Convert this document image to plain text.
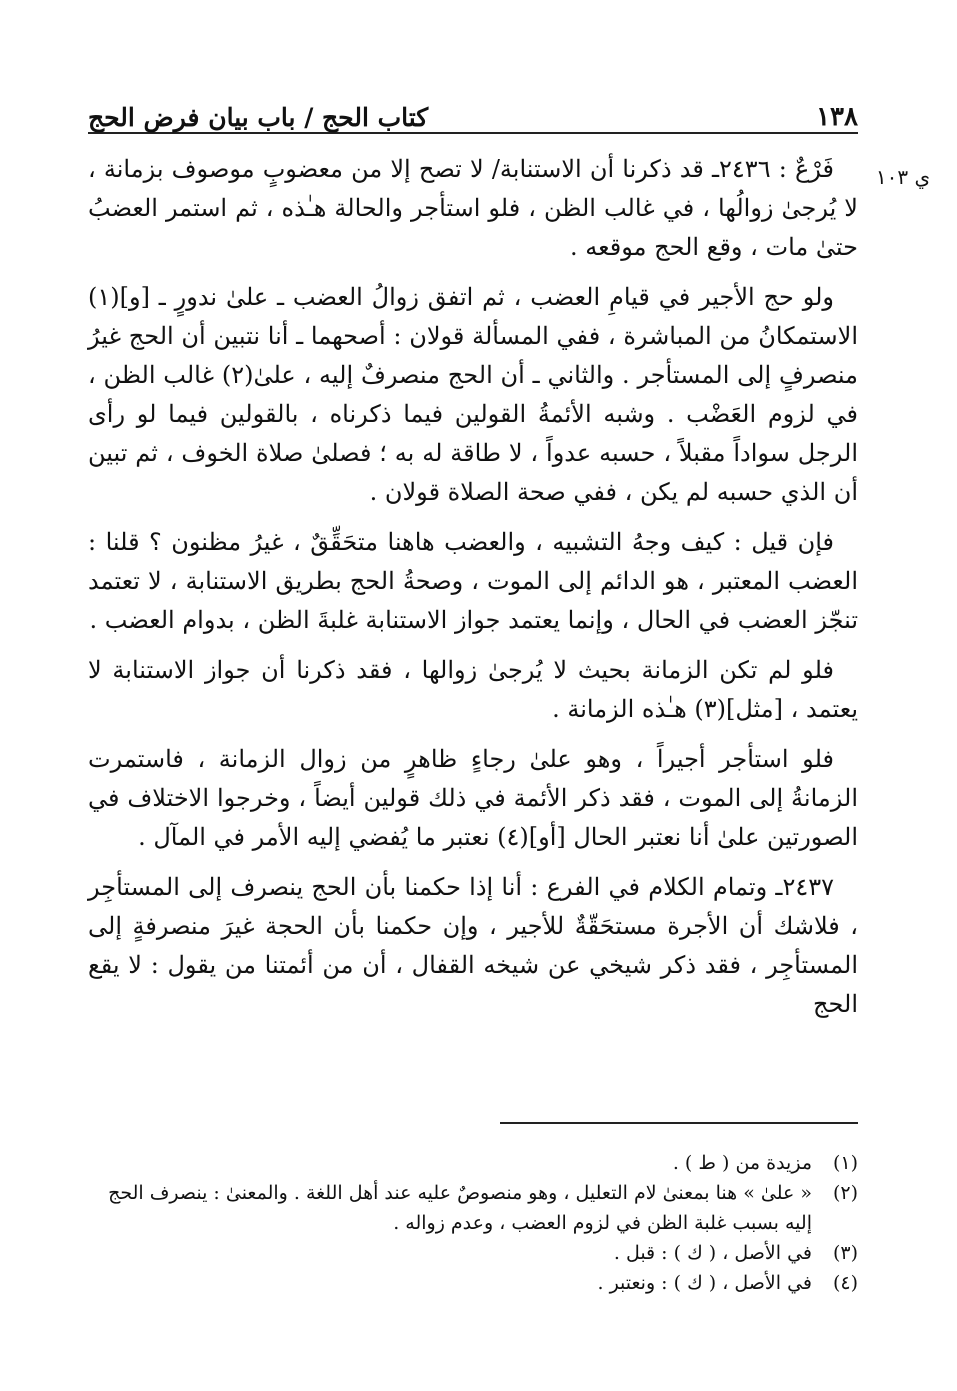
١٣٨
كتاب الحج / باب بيان فرض الحج
ي ١٠٣

فَرْعٌ : ٢٤٣٦ـ قد ذكرنا أن الاستنابة/ لا تصح إلا من معضوبٍ موصوف بزمانة ، لا يُرجىٰ زوالُها ، في غالب الظن ، فلو استأجر والحالة هـٰذه ، ثم استمر العضبُ حتىٰ مات ، وقع الحج موقعه .

ولو حج الأجير في قيامِ العضب ، ثم اتفق زوالُ العضب ـ علىٰ ندورٍ ـ [و](١) الاستمكانُ من المباشرة ، ففي المسألة قولان : أصحهما ـ أنا نتبين أن الحج غيرُ منصرفٍ إلى المستأجر . والثاني ـ أن الحج منصرفٌ إليه ، علىٰ(٢) غالب الظن ، في لزوم العَضْب . وشبه الأئمةُ القولين فيما ذكرناه ، بالقولين فيما لو رأى الرجل سواداً مقبلاً ، حسبه عدواً ، لا طاقة له به ؛ فصلىٰ صلاة الخوف ، ثم تبين أن الذي حسبه لم يكن ، ففي صحة الصلاة قولان .

فإن قيل : كيف وجهُ التشبيه ، والعضب هاهنا متحَقِّقٌ ، غيرُ مظنون ؟ قلنا : العضب المعتبر ، هو الدائم إلى الموت ، وصحةُ الحج بطريق الاستنابة ، لا تعتمد تنجّز العضب في الحال ، وإنما يعتمد جواز الاستنابة غلبةَ الظن ، بدوام العضب .

فلو لم تكن الزمانة بحيث لا يُرجىٰ زوالها ، فقد ذكرنا أن جواز الاستنابة لا يعتمد ، [مثل](٣) هـٰذه الزمانة .

فلو استأجر أجيراً ، وهو علىٰ رجاءٍ ظاهرٍ من زوال الزمانة ، فاستمرت الزمانةُ إلى الموت ، فقد ذكر الأئمة في ذلك قولين أيضاً ، وخرجوا الاختلاف في الصورتين علىٰ أنا نعتبر الحال [أو](٤) نعتبر ما يُفضي إليه الأمر في المآل .

٢٤٣٧ـ وتمام الكلام في الفرع : أنا إذا حكمنا بأن الحج ينصرف إلى المستأجِر ، فلاشك أن الأجرة مستحَقّةٌ للأجير ، وإن حكمنا بأن الحجة غيرَ منصرفةٍ إلى المستأجِر ، فقد ذكر شيخي عن شيخه القفال ، أن من أئمتنا من يقول : لا يقع الحج

(١)
مزيدة من ( ط ) .
(٢)
« علىٰ » هنا بمعنىٰ لام التعليل ، وهو منصوصٌ عليه عند أهل اللغة . والمعنىٰ : ينصرف الحج إليه بسبب غلبة الظن في لزوم العضب ، وعدم زواله .
(٣)
في الأصل ، ( ك ) : قبل .
(٤)
في الأصل ، ( ك ) : ونعتبر .
